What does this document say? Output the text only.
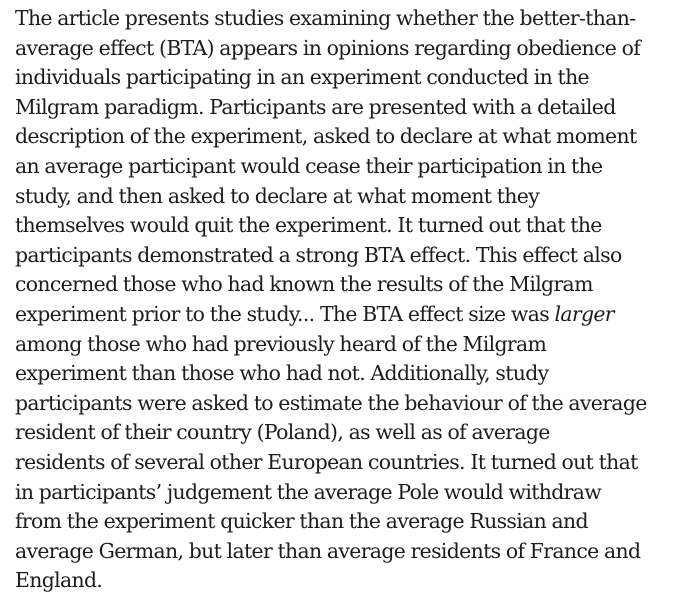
The article presents studies examining whether the better-than-
average effect (BTA) appears in opinions regarding obedience of
individuals participating in an experiment conducted in the
Milgram paradigm. Participants are presented with a detailed
description of the experiment, asked to declare at what moment
an average participant would cease their participation in the
study, and then asked to declare at what moment they
themselves would quit the experiment. It turned out that the
participants demonstrated a strong BTA effect. This effect also
concerned those who had known the results of the Milgram
experiment prior to the study... The BTA effect size was larger
among those who had previously heard of the Milgram
experiment than those who had not. Additionally, study
participants were asked to estimate the behaviour of the average
resident of their country (Poland), as well as of average
residents of several other European countries. It turned out that
in participants’ judgement the average Pole would withdraw
from the experiment quicker than the average Russian and
average German, but later than average residents of France and
England.
